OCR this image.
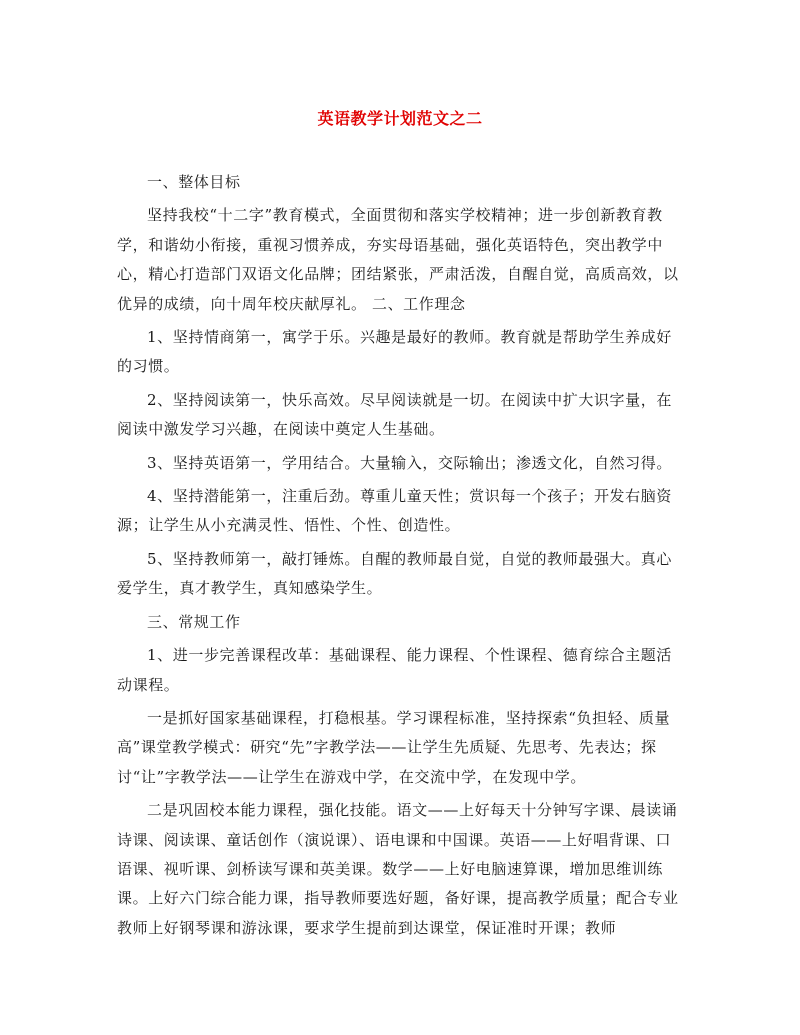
英语教学计划范文之二

一、整体目标

坚持我校“十二字”教育模式，全面贯彻和落实学校精神；进一步创新教育教学，和谐幼小衔接，重视习惯养成，夯实母语基础，强化英语特色，突出教学中心，精心打造部门双语文化品牌；团结紧张，严肃活泼，自醒自觉，高质高效，以优异的成绩，向十周年校庆献厚礼。 二、工作理念

1、坚持情商第一，寓学于乐。兴趣是最好的教师。教育就是帮助学生养成好的习惯。

2、坚持阅读第一，快乐高效。尽早阅读就是一切。在阅读中扩大识字量，在阅读中激发学习兴趣，在阅读中奠定人生基础。

3、坚持英语第一，学用结合。大量输入，交际输出；渗透文化，自然习得。

4、坚持潜能第一，注重后劲。尊重儿童天性；赏识每一个孩子；开发右脑资源；让学生从小充满灵性、悟性、个性、创造性。

5、坚持教师第一，敲打锤炼。自醒的教师最自觉，自觉的教师最强大。真心爱学生，真才教学生，真知感染学生。

三、常规工作

1、进一步完善课程改革：基础课程、能力课程、个性课程、德育综合主题活动课程。

一是抓好国家基础课程，打稳根基。学习课程标准，坚持探索“负担轻、质量高”课堂教学模式：研究“先”字教学法——让学生先质疑、先思考、先表达；探讨“让”字教学法——让学生在游戏中学，在交流中学，在发现中学。

二是巩固校本能力课程，强化技能。语文——上好每天十分钟写字课、晨读诵诗课、阅读课、童话创作（演说课）、语电课和中国课。英语——上好唱背课、口语课、视听课、剑桥读写课和英美课。数学——上好电脑速算课，增加思维训练课。上好六门综合能力课，指导教师要选好题，备好课，提高教学质量；配合专业教师上好钢琴课和游泳课，要求学生提前到达课堂，保证准时开课；教师
